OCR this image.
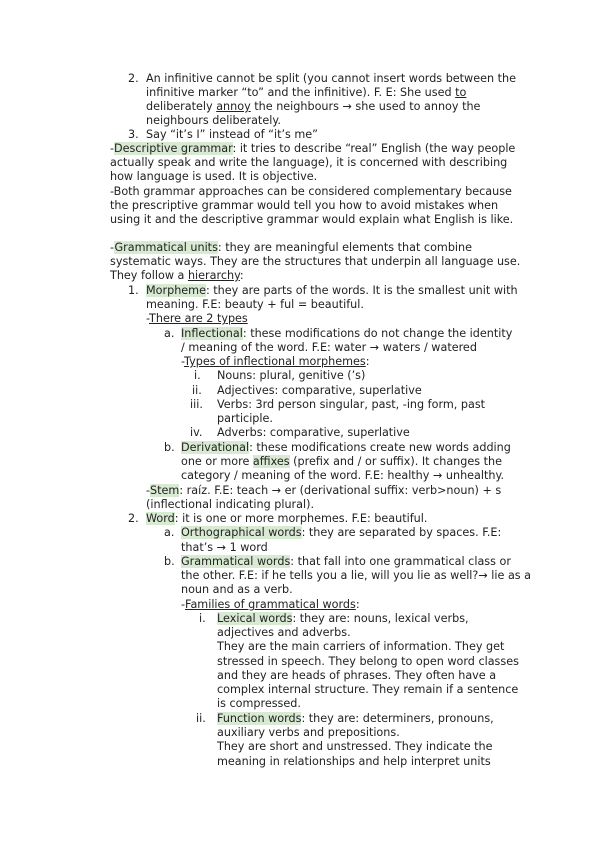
2. An infinitive cannot be split (you cannot insert words between the
infinitive marker “to” and the infinitive). F. E: She used to
deliberately annoy the neighbours → she used to annoy the
neighbours deliberately.
3. Say “it’s I” instead of “it’s me”
-Descriptive grammar: it tries to describe “real” English (the way people
actually speak and write the language), it is concerned with describing
how language is used. It is objective.
-Both grammar approaches can be considered complementary because
the prescriptive grammar would tell you how to avoid mistakes when
using it and the descriptive grammar would explain what English is like.
-Grammatical units: they are meaningful elements that combine
systematic ways. They are the structures that underpin all language use.
They follow a hierarchy:
1. Morpheme: they are parts of the words. It is the smallest unit with
meaning. F.E: beauty + ful = beautiful.
-There are 2 types
a. Inflectional: these modifications do not change the identity
/ meaning of the word. F.E: water → waters / watered
-Types of inflectional morphemes:
i. Nouns: plural, genitive (’s)
ii. Adjectives: comparative, superlative
iii. Verbs: 3rd person singular, past, -ing form, past
participle.
iv. Adverbs: comparative, superlative
b. Derivational: these modifications create new words adding
one or more affixes (prefix and / or suffix). It changes the
category / meaning of the word. F.E: healthy → unhealthy.
-Stem: raíz. F.E: teach → er (derivational suffix: verb>noun) + s
(inflectional indicating plural).
2. Word: it is one or more morphemes. F.E: beautiful.
a. Orthographical words: they are separated by spaces. F.E:
that’s → 1 word
b. Grammatical words: that fall into one grammatical class or
the other. F.E: if he tells you a lie, will you lie as well?→ lie as a
noun and as a verb.
-Families of grammatical words:
i. Lexical words: they are: nouns, lexical verbs,
adjectives and adverbs.
They are the main carriers of information. They get
stressed in speech. They belong to open word classes
and they are heads of phrases. They often have a
complex internal structure. They remain if a sentence
is compressed.
ii. Function words: they are: determiners, pronouns,
auxiliary verbs and prepositions.
They are short and unstressed. They indicate the
meaning in relationships and help interpret units
